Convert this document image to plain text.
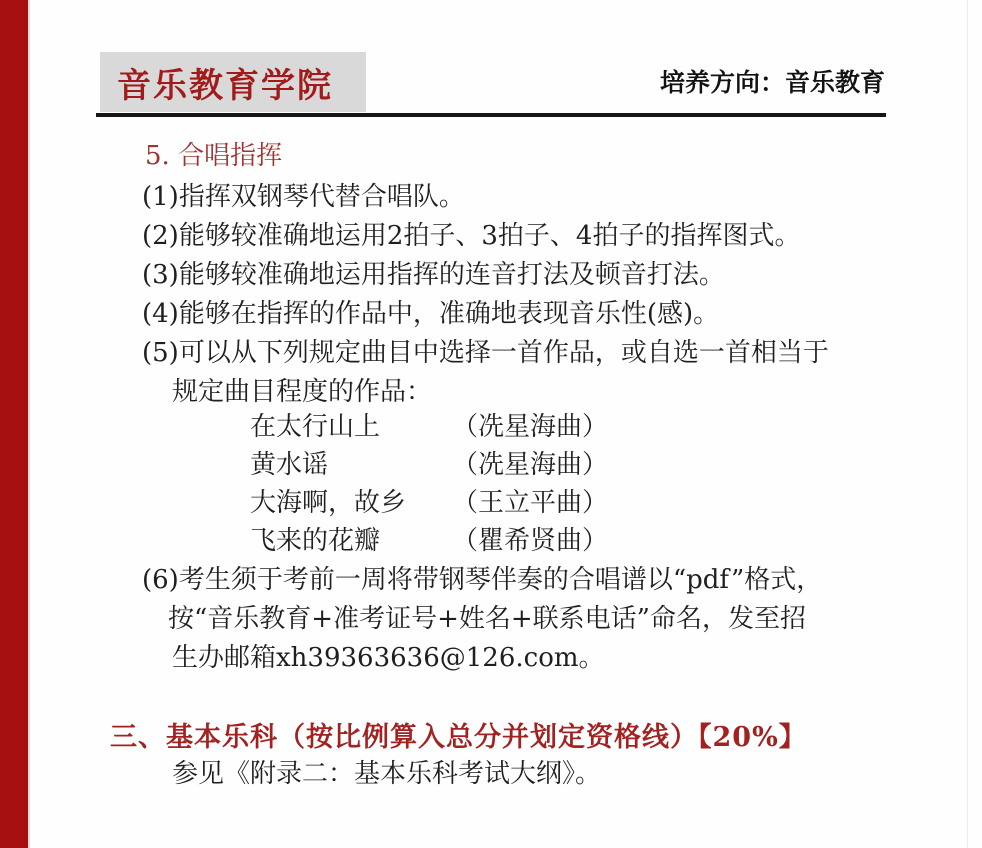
音乐教育学院	培养方向：音乐教育
5. 合唱指挥
(1)指挥双钢琴代替合唱队。
(2)能够较准确地运用2拍子、3拍子、4拍子的指挥图式。
(3)能够较准确地运用指挥的连音打法及顿音打法。
(4)能够在指挥的作品中，准确地表现音乐性(感)。
(5)可以从下列规定曲目中选择一首作品，或自选一首相当于
规定曲目程度的作品：
在太行山上	（冼星海曲）
黄水谣	（冼星海曲）
大海啊，故乡 （王立平曲）
飞来的花瓣	（瞿希贤曲）
(6)考生须于考前一周将带钢琴伴奏的合唱谱以“pdf”格式，
按“音乐教育+准考证号+姓名+联系电话”命名，发至招
生办邮箱xh39363636@126.com。
三、基本乐科（按比例算入总分并划定资格线）【20%】
参见《附录二：基本乐科考试大纲》。
